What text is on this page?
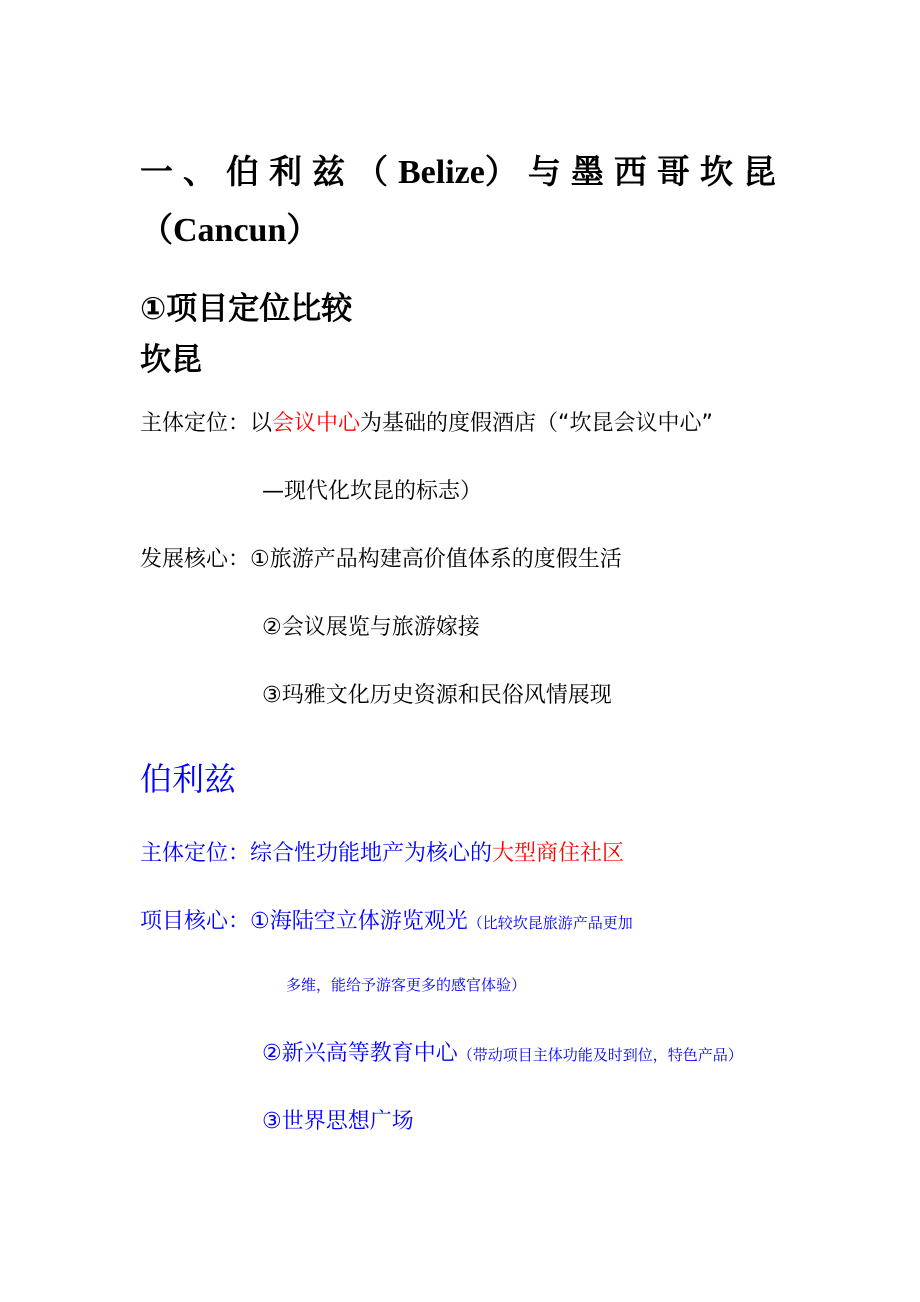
一、伯利兹（Belize）与墨西哥坎昆
（Cancun）
①项目定位比较
坎昆
主体定位：以会议中心为基础的度假酒店（“坎昆会议中心”
—现代化坎昆的标志）
发展核心：①旅游产品构建高价值体系的度假生活
②会议展览与旅游嫁接
③玛雅文化历史资源和民俗风情展现
伯利兹
主体定位：综合性功能地产为核心的大型商住社区
项目核心：①海陆空立体游览观光（比较坎昆旅游产品更加
多维，能给予游客更多的感官体验）
②新兴高等教育中心（带动项目主体功能及时到位，特色产品）
③世界思想广场
